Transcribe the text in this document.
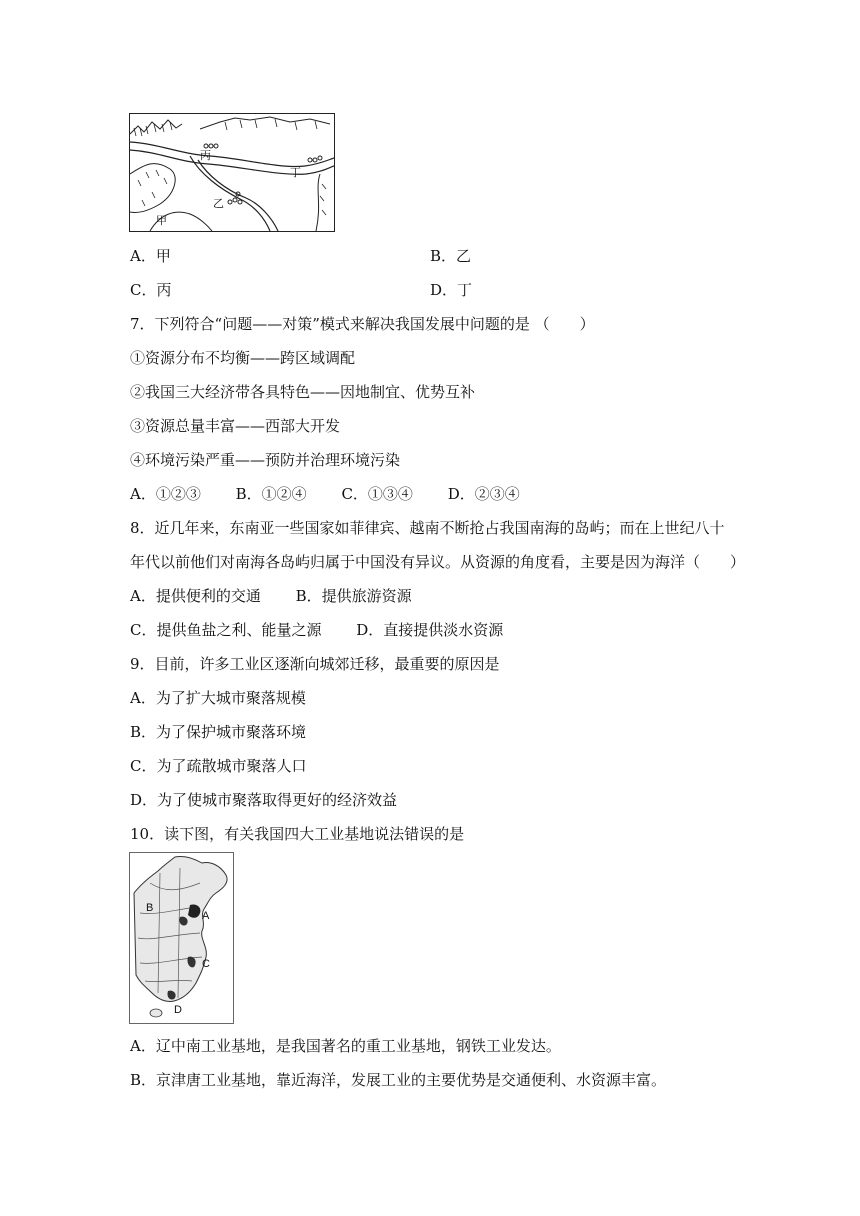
丙
乙
丁
甲
A．甲	B．乙
C．丙	D．丁
7．下列符合“问题——对策”模式来解决我国发展中问题的是 （　　）
①资源分布不均衡——跨区域调配
②我国三大经济带各具特色——因地制宜、优势互补
③资源总量丰富——西部大开发
④环境污染严重——预防并治理环境污染
A．①②③ B．①②④ C．①③④ D．②③④
8．近几年来，东南亚一些国家如菲律宾、越南不断抢占我国南海的岛屿；而在上世纪八十
年代以前他们对南海各岛屿归属于中国没有异议。从资源的角度看，主要是因为海洋（　　）
A．提供便利的交通 B．提供旅游资源
C．提供鱼盐之利、能量之源 D．直接提供淡水资源
9．目前，许多工业区逐渐向城郊迁移，最重要的原因是
A．为了扩大城市聚落规模
B．为了保护城市聚落环境
C．为了疏散城市聚落人口
D．为了使城市聚落取得更好的经济效益
10．读下图，有关我国四大工业基地说法错误的是
B
A
C
D
A．辽中南工业基地，是我国著名的重工业基地，钢铁工业发达。
B．京津唐工业基地，靠近海洋，发展工业的主要优势是交通便利、水资源丰富。
